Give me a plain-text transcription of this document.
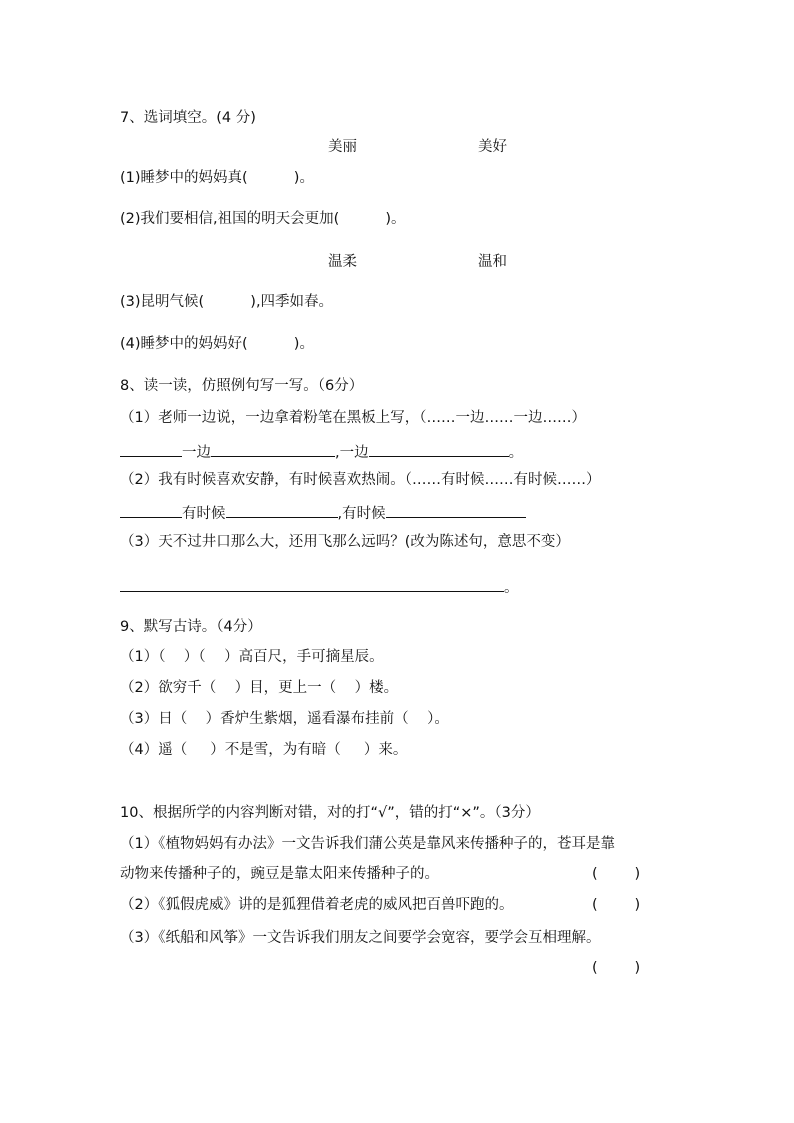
7、选词填空。(4 分)
美丽	美好
(1)睡梦中的妈妈真(          )。
(2)我们要相信,祖国的明天会更加(          )。
温柔	温和
(3)昆明气候(          ),四季如春。
(4)睡梦中的妈妈好(          )。
8、读一读，仿照例句写一写。（6分）
（1）老师一边说，一边拿着粉笔在黑板上写，（……一边……一边……）
一边	,一边	。
（2）我有时候喜欢安静，有时候喜欢热闹。（……有时候……有时候……）
有时候	,有时候
（3）天不过井口那么大，还用飞那么远吗？(改为陈述句，意思不变）
。
9、默写古诗。（4分）
（1）（    ）（    ）高百尺，手可摘星辰。
（2）欲穷千（    ）目，更上一（    ）楼。
（3）日（    ）香炉生紫烟，遥看瀑布挂前（    ）。
（4）遥（     ）不是雪，为有暗（     ）来。
10、根据所学的内容判断对错，对的打“√”，错的打“×”。（3分）
（1）《植物妈妈有办法》一文告诉我们蒲公英是靠风来传播种子的，苍耳是靠
动物来传播种子的，豌豆是靠太阳来传播种子的。	(        )
（2）《狐假虎威》讲的是狐狸借着老虎的威风把百兽吓跑的。	(        )
（3）《纸船和风筝》一文告诉我们朋友之间要学会宽容，要学会互相理解。
(        )
